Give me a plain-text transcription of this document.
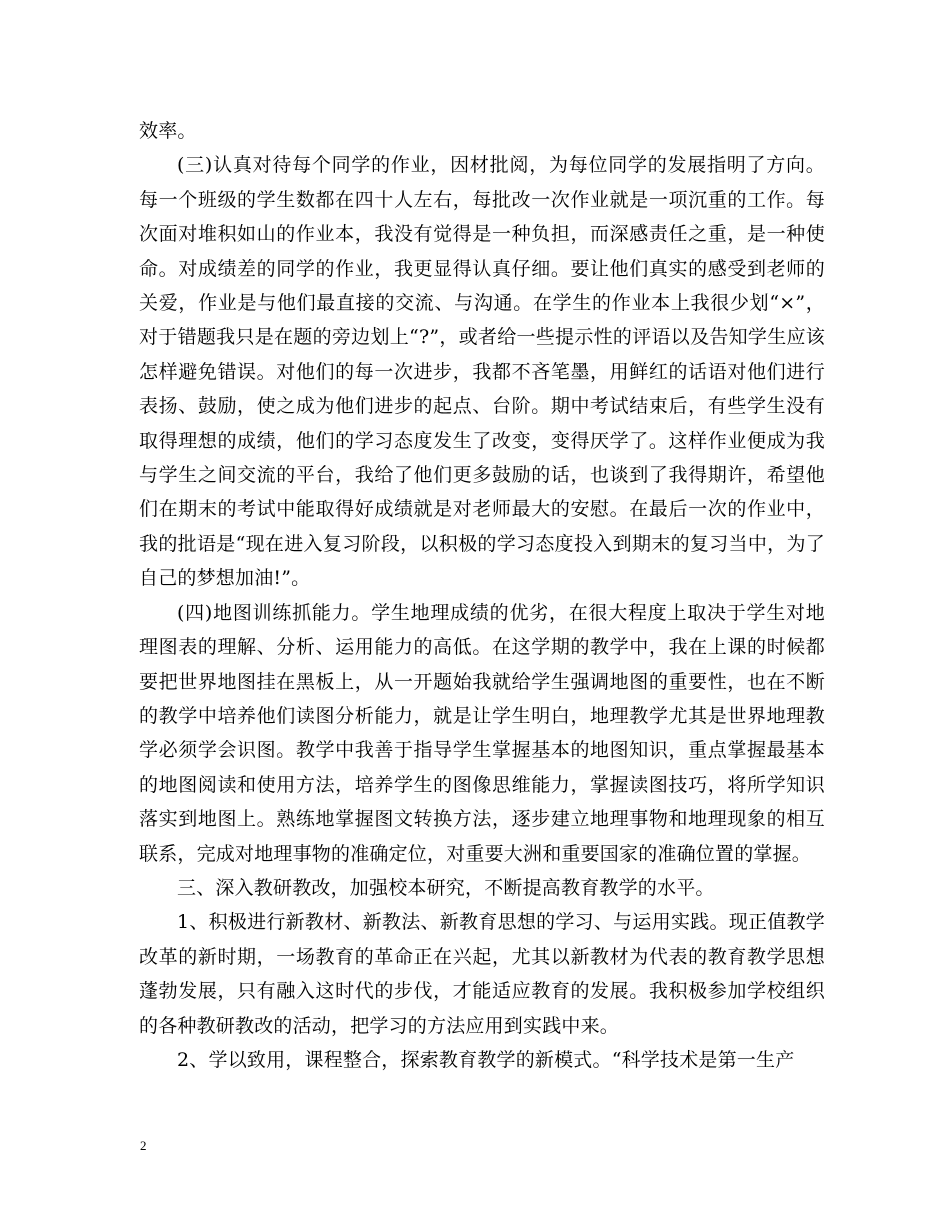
效率。

(三)认真对待每个同学的作业，因材批阅，为每位同学的发展指明了方向。每一个班级的学生数都在四十人左右，每批改一次作业就是一项沉重的工作。每次面对堆积如山的作业本，我没有觉得是一种负担，而深感责任之重，是一种使命。对成绩差的同学的作业，我更显得认真仔细。要让他们真实的感受到老师的关爱，作业是与他们最直接的交流、与沟通。在学生的作业本上我很少划“×”，对于错题我只是在题的旁边划上“?”，或者给一些提示性的评语以及告知学生应该怎样避免错误。对他们的每一次进步，我都不吝笔墨，用鲜红的话语对他们进行表扬、鼓励，使之成为他们进步的起点、台阶。期中考试结束后，有些学生没有取得理想的成绩，他们的学习态度发生了改变，变得厌学了。这样作业便成为我与学生之间交流的平台，我给了他们更多鼓励的话，也谈到了我得期许，希望他们在期末的考试中能取得好成绩就是对老师最大的安慰。在最后一次的作业中，我的批语是“现在进入复习阶段，以积极的学习态度投入到期末的复习当中，为了自己的梦想加油!”。

(四)地图训练抓能力。学生地理成绩的优劣，在很大程度上取决于学生对地理图表的理解、分析、运用能力的高低。在这学期的教学中，我在上课的时候都要把世界地图挂在黑板上，从一开题始我就给学生强调地图的重要性，也在不断的教学中培养他们读图分析能力，就是让学生明白，地理教学尤其是世界地理教学必须学会识图。教学中我善于指导学生掌握基本的地图知识，重点掌握最基本的地图阅读和使用方法，培养学生的图像思维能力，掌握读图技巧，将所学知识落实到地图上。熟练地掌握图文转换方法，逐步建立地理事物和地理现象的相互联系，完成对地理事物的准确定位，对重要大洲和重要国家的准确位置的掌握。

三、深入教研教改，加强校本研究，不断提高教育教学的水平。

1、积极进行新教材、新教法、新教育思想的学习、与运用实践。现正值教学改革的新时期，一场教育的革命正在兴起，尤其以新教材为代表的教育教学思想蓬勃发展，只有融入这时代的步伐，才能适应教育的发展。我积极参加学校组织的各种教研教改的活动，把学习的方法应用到实践中来。

2、学以致用，课程整合，探索教育教学的新模式。“科学技术是第一生产

2
